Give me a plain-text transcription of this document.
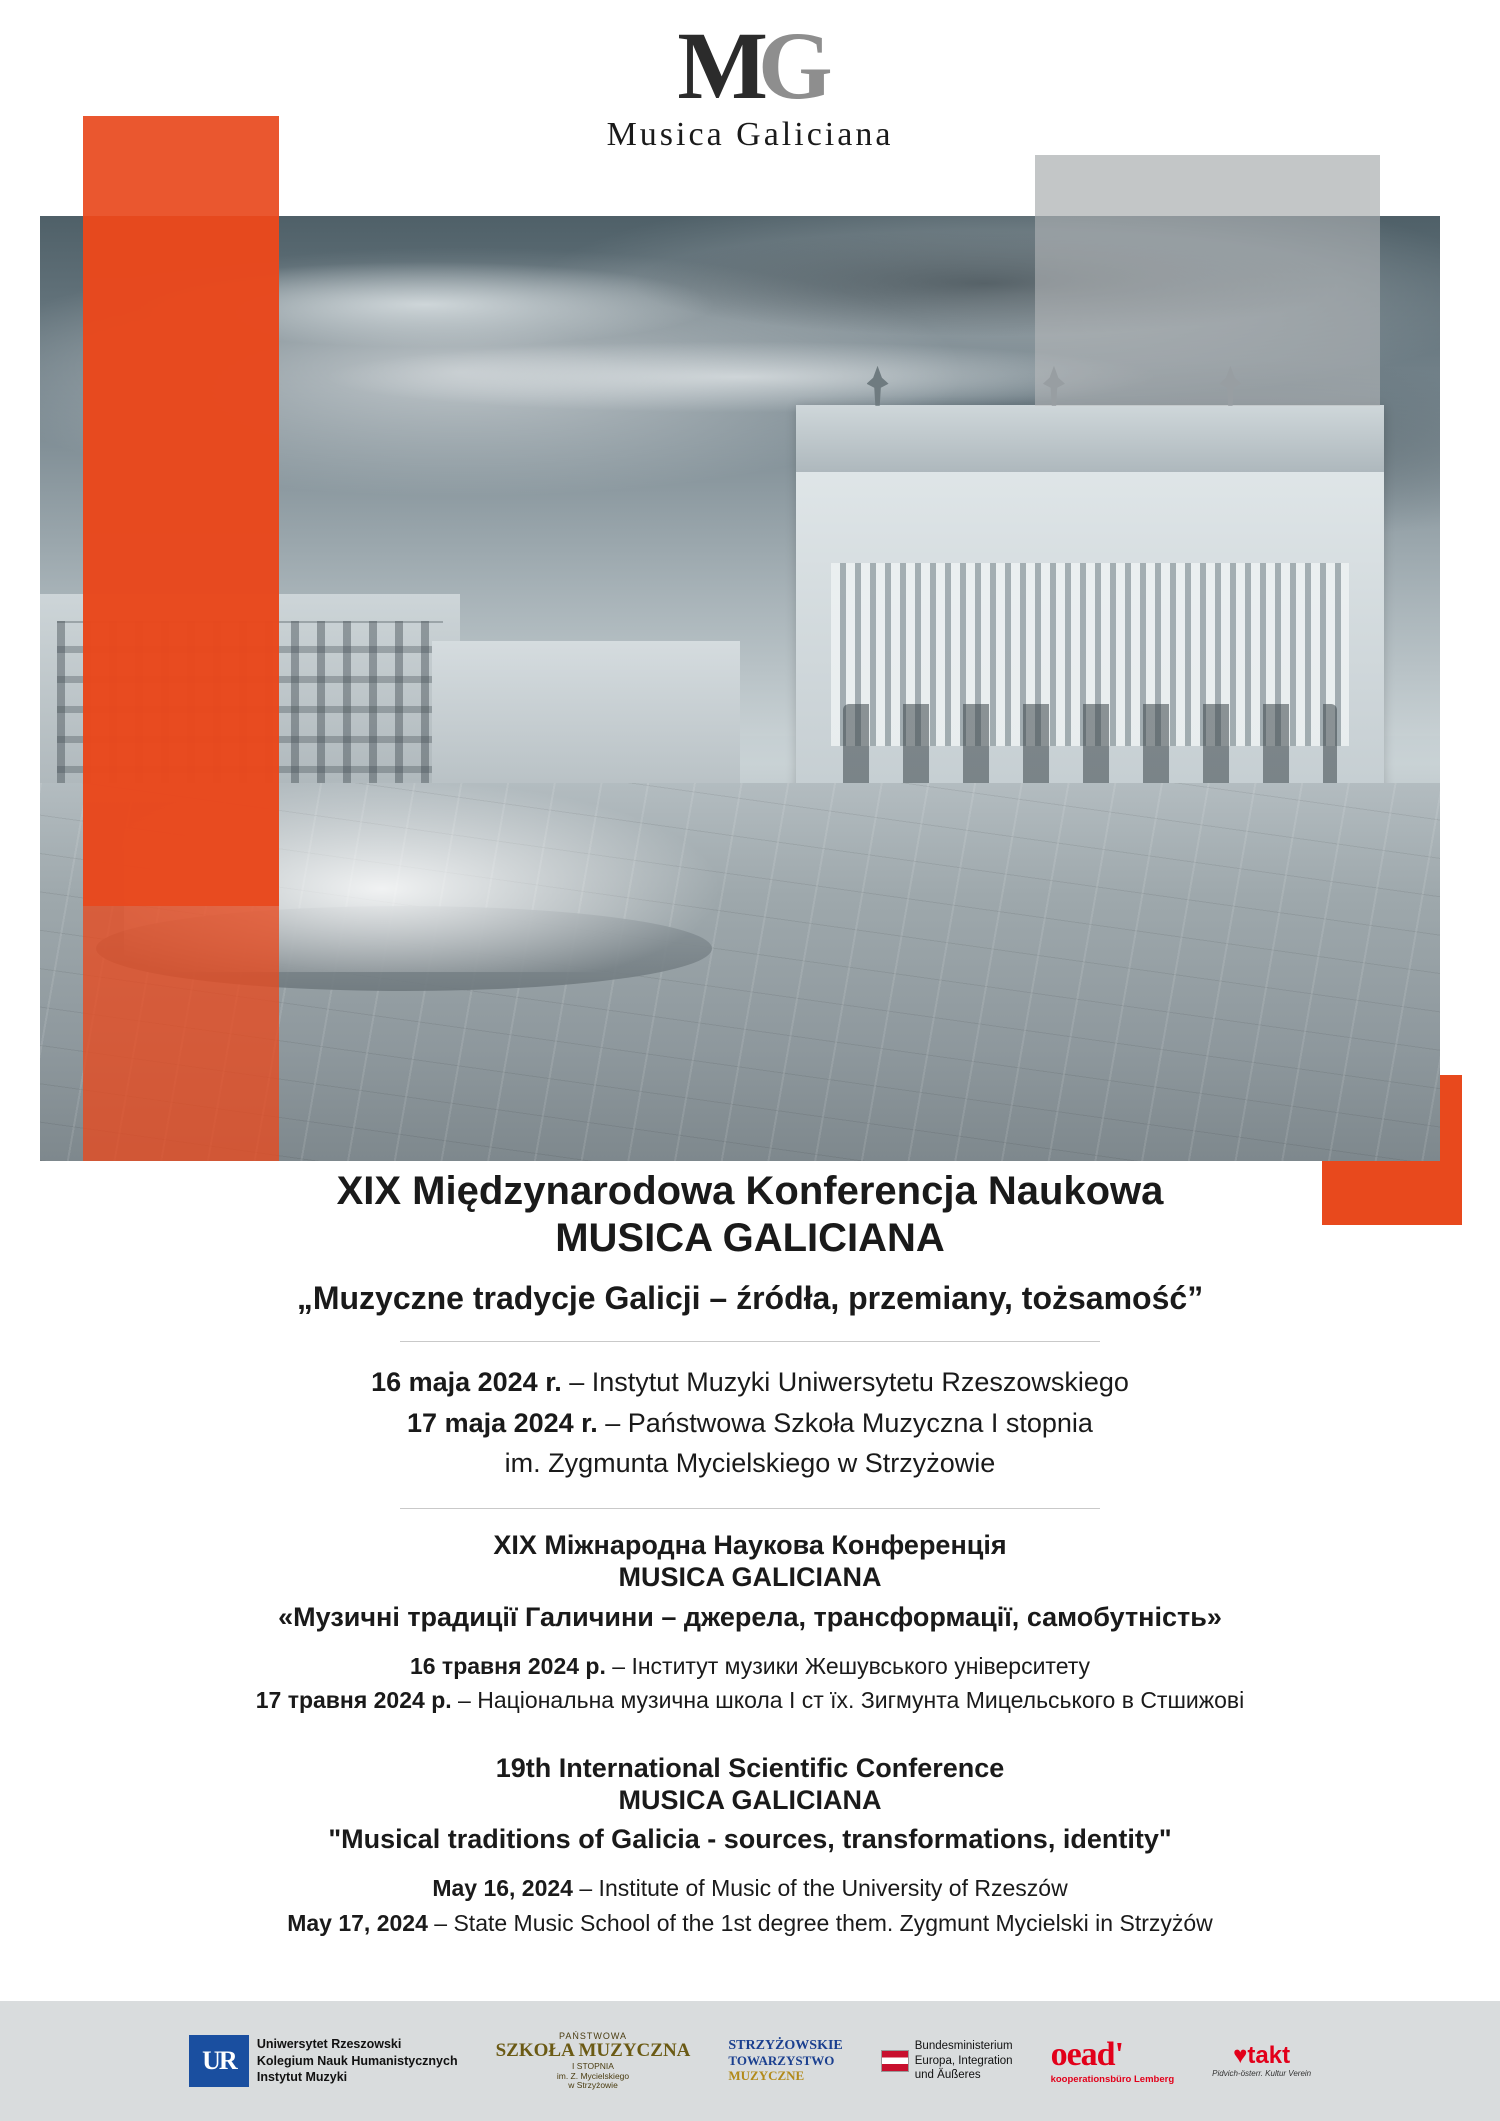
MG
Musica Galiciana
XIX Międzynarodowa Konferencja Naukowa
MUSICA GALICIANA
„Muzyczne tradycje Galicji – źródła, przemiany, tożsamość”
16 maja 2024 r. – Instytut Muzyki Uniwersytetu Rzeszowskiego
17 maja 2024 r. – Państwowa Szkoła Muzyczna I stopnia
im. Zygmunta Mycielskiego w Strzyżowie
XIX Міжнародна Наукова Конференція
MUSICA GALICIANA
«Музичні традиції Галичини – джерела, трансформації, самобутність»
16 травня 2024 р. – Інститут музики Жешувського університету
17 травня 2024 р. – Національна музична школа I ст їх. Зигмунта Мицельського в Стшижові
19th International Scientific Conference
MUSICA GALICIANA
"Musical traditions of Galicia - sources, transformations, identity"
May 16, 2024 – Institute of Music of the University of Rzeszów
May 17, 2024 – State Music School of the 1st degree them. Zygmunt Mycielski in Strzyżów
UR
Uniwersytet Rzeszowski
Kolegium Nauk Humanistycznych
Instytut Muzyki
PAŃSTWOWA
SZKOŁA MUZYCZNA
I STOPNIA
im. Z. Mycielskiego
w Strzyżowie
STRZYŻOWSKIE
TOWARZYSTWO
MUZYCZNE
Bundesministerium
Europa, Integration
und Äußeres
oead'
kooperationsbüro Lemberg
♥takt
Pidvich-österr. Kultur Verein
